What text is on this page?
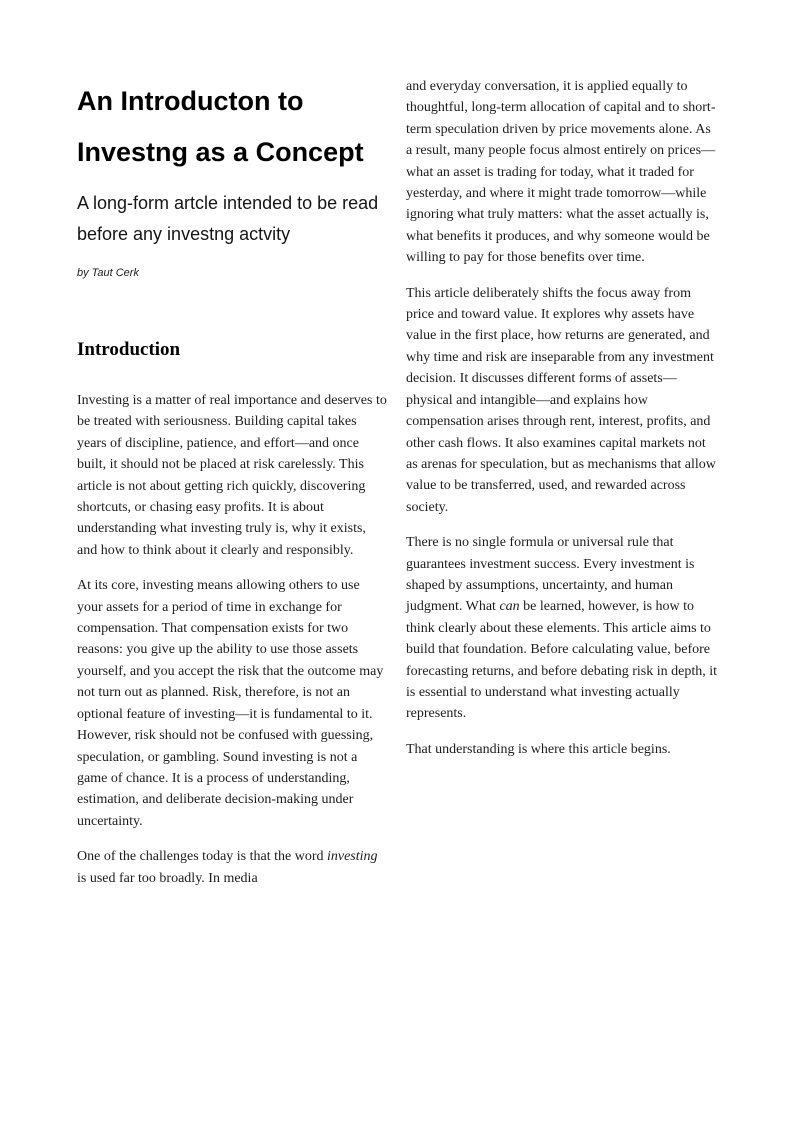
An Introducton to Investng as a Concept
A long-form artcle intended to be read before any investng actvity
by Taut Cerk
Introduction

Investing is a matter of real importance and deserves to be treated with seriousness. Building capital takes years of discipline, patience, and effort—and once built, it should not be placed at risk carelessly. This article is not about getting rich quickly, discovering shortcuts, or chasing easy profits. It is about understanding what investing truly is, why it exists, and how to think about it clearly and responsibly.

At its core, investing means allowing others to use your assets for a period of time in exchange for compensation. That compensation exists for two reasons: you give up the ability to use those assets yourself, and you accept the risk that the outcome may not turn out as planned. Risk, therefore, is not an optional feature of investing—it is fundamental to it. However, risk should not be confused with guessing, speculation, or gambling. Sound investing is not a game of chance. It is a process of understanding, estimation, and deliberate decision-making under uncertainty.

One of the challenges today is that the word investing is used far too broadly. In media

and everyday conversation, it is applied equally to thoughtful, long-term allocation of capital and to short-term speculation driven by price movements alone. As a result, many people focus almost entirely on prices—what an asset is trading for today, what it traded for yesterday, and where it might trade tomorrow—while ignoring what truly matters: what the asset actually is, what benefits it produces, and why someone would be willing to pay for those benefits over time.

This article deliberately shifts the focus away from price and toward value. It explores why assets have value in the first place, how returns are generated, and why time and risk are inseparable from any investment decision. It discusses different forms of assets—physical and intangible—and explains how compensation arises through rent, interest, profits, and other cash flows. It also examines capital markets not as arenas for speculation, but as mechanisms that allow value to be transferred, used, and rewarded across society.

There is no single formula or universal rule that guarantees investment success. Every investment is shaped by assumptions, uncertainty, and human judgment. What can be learned, however, is how to think clearly about these elements. This article aims to build that foundation. Before calculating value, before forecasting returns, and before debating risk in depth, it is essential to understand what investing actually represents.

That understanding is where this article begins.
